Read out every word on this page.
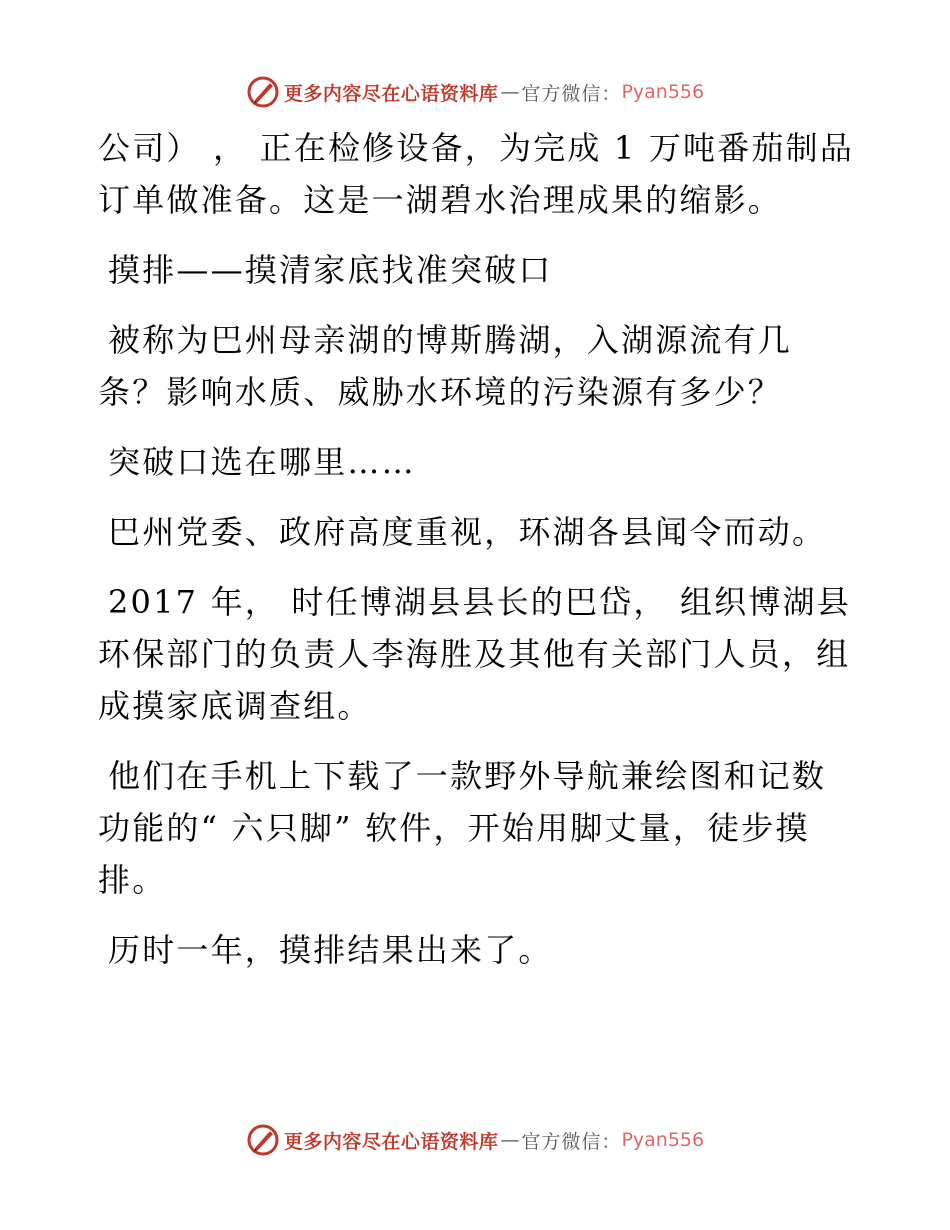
更多内容尽在心语资料库 — 官方微信： Pyan556
公司） ， 正在检修设备，为完成 1 万吨番茄制品
订单做准备。这是一湖碧水治理成果的缩影。
摸排——摸清家底找准突破口
被称为巴州母亲湖的博斯腾湖，入湖源流有几
条？影响水质、威胁水环境的污染源有多少？
突破口选在哪里……
巴州党委、政府高度重视，环湖各县闻令而动。
2017 年， 时任博湖县县长的巴岱， 组织博湖县
环保部门的负责人李海胜及其他有关部门人员，组
成摸家底调查组。
他们在手机上下载了一款野外导航兼绘图和记数
功能的“ 六只脚” 软件，开始用脚丈量，徒步摸
排。
历时一年，摸排结果出来了。
更多内容尽在心语资料库 — 官方微信： Pyan556
